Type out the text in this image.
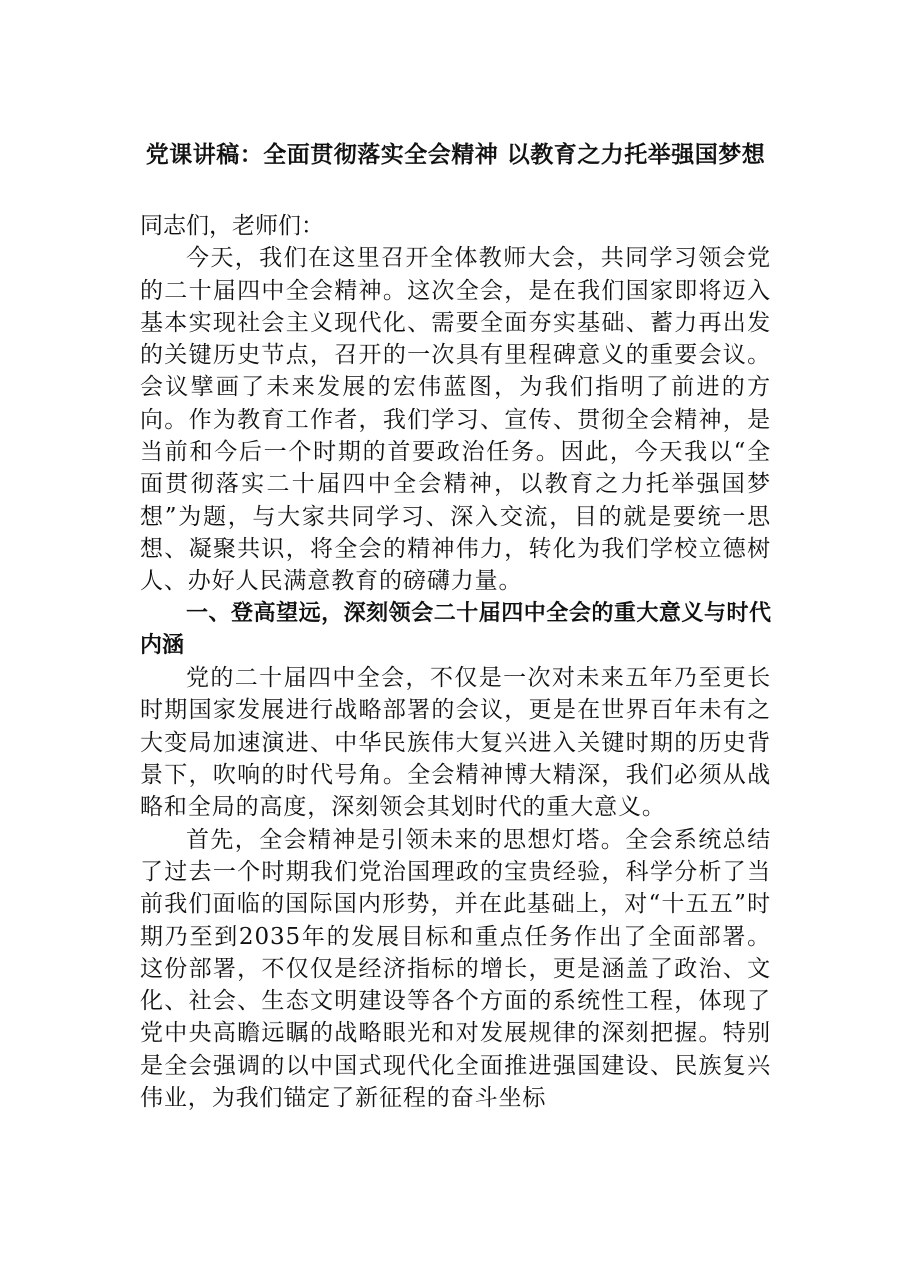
党课讲稿：全面贯彻落实全会精神 以教育之力托举强国梦想

同志们，老师们：

今天，我们在这里召开全体教师大会，共同学习领会党的二十届四中全会精神。这次全会，是在我们国家即将迈入基本实现社会主义现代化、需要全面夯实基础、蓄力再出发的关键历史节点，召开的一次具有里程碑意义的重要会议。会议擘画了未来发展的宏伟蓝图，为我们指明了前进的方向。作为教育工作者，我们学习、宣传、贯彻全会精神，是当前和今后一个时期的首要政治任务。因此，今天我以“全面贯彻落实二十届四中全会精神，以教育之力托举强国梦想”为题，与大家共同学习、深入交流，目的就是要统一思想、凝聚共识，将全会的精神伟力，转化为我们学校立德树人、办好人民满意教育的磅礴力量。

一、登高望远，深刻领会二十届四中全会的重大意义与时代内涵

党的二十届四中全会，不仅是一次对未来五年乃至更长时期国家发展进行战略部署的会议，更是在世界百年未有之大变局加速演进、中华民族伟大复兴进入关键时期的历史背景下，吹响的时代号角。全会精神博大精深，我们必须从战略和全局的高度，深刻领会其划时代的重大意义。

首先，全会精神是引领未来的思想灯塔。全会系统总结了过去一个时期我们党治国理政的宝贵经验，科学分析了当前我们面临的国际国内形势，并在此基础上，对“十五五”时期乃至到2035年的发展目标和重点任务作出了全面部署。这份部署，不仅仅是经济指标的增长，更是涵盖了政治、文化、社会、生态文明建设等各个方面的系统性工程，体现了党中央高瞻远瞩的战略眼光和对发展规律的深刻把握。特别是全会强调的以中国式现代化全面推进强国建设、民族复兴伟业，为我们锚定了新征程的奋斗坐标
